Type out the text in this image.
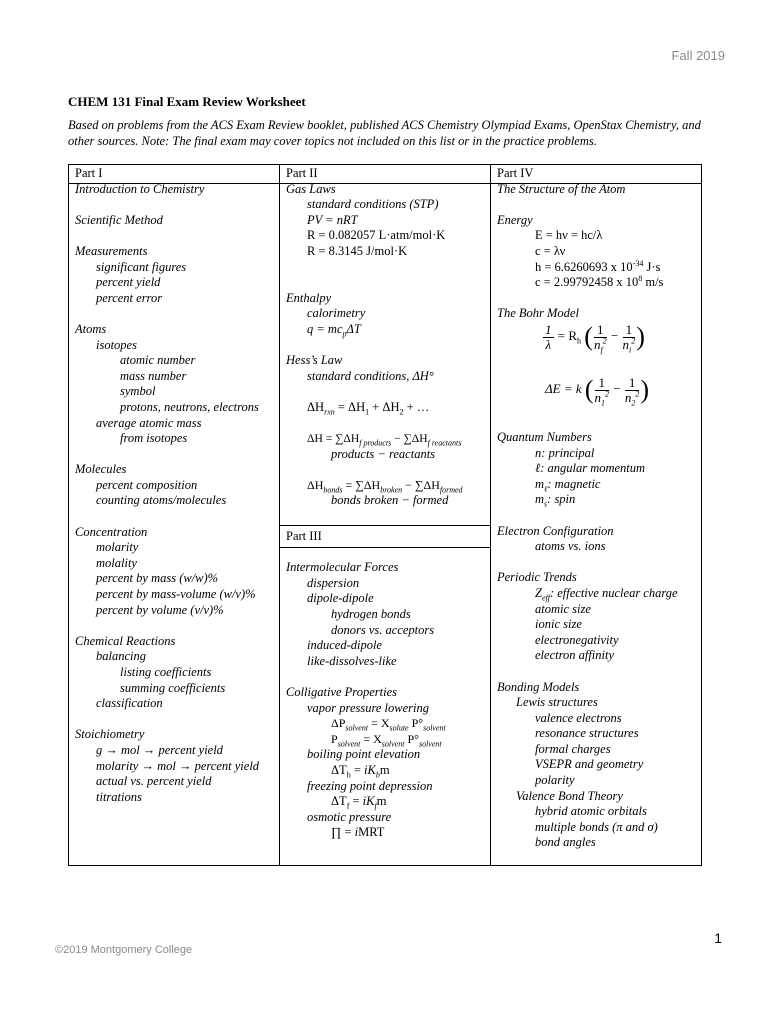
Fall 2019
CHEM 131 Final Exam Review Worksheet
Based on problems from the ACS Exam Review booklet, published ACS Chemistry Olympiad Exams, OpenStax Chemistry, and other sources. Note: The final exam may cover topics not included on this list or in the practice problems.
Part I
Introduction to Chemistry
Scientific Method
Measurements
significant figures
percent yield
percent error
Atoms
isotopes
atomic number
mass number
symbol
protons, neutrons, electrons
average atomic mass
from isotopes
Molecules
percent composition
counting atoms/molecules
Concentration
molarity
molality
percent by mass (w/w)%
percent by mass-volume (w/v)%
percent by volume (v/v)%
Chemical Reactions
balancing
listing coefficients
summing coefficients
classification
Stoichiometry
g → mol → percent yield
molarity → mol → percent yield
actual vs. percent yield
titrations
Part II
Gas Laws
standard conditions (STP)
PV = nRT
R = 0.082057 L·atm/mol·K
R = 8.3145 J/mol·K
Enthalpy
calorimetry
$q = mc_p\Delta T$
Hess’s Law
standard conditions, ΔH°
$\Delta H_{rxn} = \Delta H_1 + \Delta H_2$ + …
$\Delta H = \sum\Delta H_{f products} - \sum\Delta H_{f reactants}$
products − reactants
$\Delta H_{bonds} = \sum\Delta H_{broken} - \sum\Delta H_{formed}$
bonds broken − formed
Part III
Intermolecular Forces
dispersion
dipole-dipole
hydrogen bonds
donors vs. acceptors
induced-dipole
like-dissolves-like
Colligative Properties
vapor pressure lowering
$\Delta P_{solvent} = X_{solute}$ $P^\circ_{solvent}$
$P_{solvent} = X_{solvent}$ $P^\circ_{solvent}$
boiling point elevation
$\Delta T_b = iK_bm$
freezing point depression
$\Delta T_f = iK_fm$
osmotic pressure
∏ = iMRT
Part IV
The Structure of the Atom
Energy
E = hν = hc/λ
c = λν
h = 6.6260693 x $10^{-34}$ J·s
c = 2.99792458 x $10^8$ m/s
The Bohr Model
$\frac{1}{\lambda} = R_h$ ( $\frac{1}{n_f^2} - \frac{1}{n_i^2}$ )
ΔE = k ( $\frac{1}{n_1^2} - \frac{1}{n_2^2}$ )
Quantum Numbers
n: principal
ℓ: angular momentum
$m_\ell$: magnetic
$m_s$: spin
Electron Configuration
atoms vs. ions
Periodic Trends
$Z_{eff}$: effective nuclear charge
atomic size
ionic size
electronegativity
electron affinity
Bonding Models
Lewis structures
valence electrons
resonance structures
formal charges
VSEPR and geometry
polarity
Valence Bond Theory
hybrid atomic orbitals
multiple bonds (π and σ)
bond angles
1
©2019 Montgomery College
